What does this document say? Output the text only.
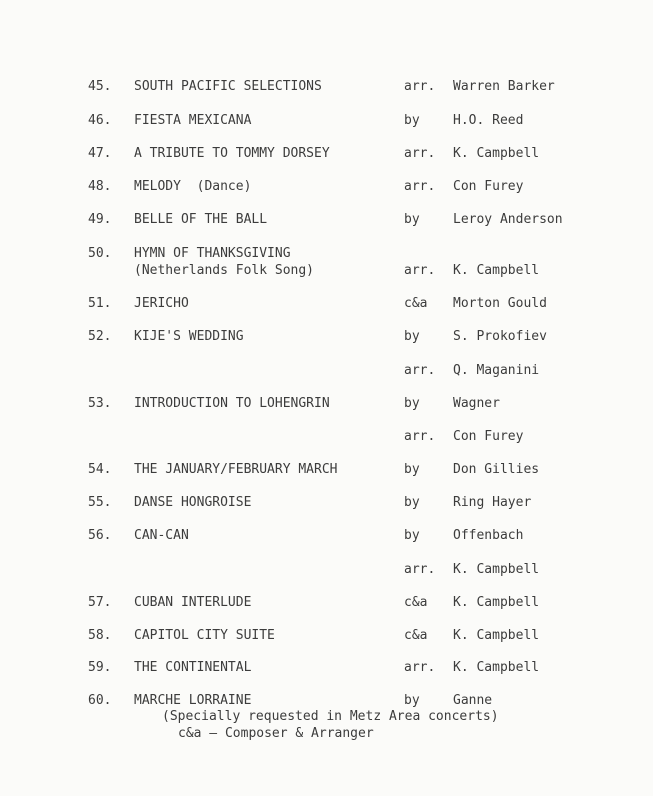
45.	SOUTH PACIFIC SELECTIONS	arr. Warren Barker
46.	FIESTA MEXICANA	by	H.O. Reed
47.	A TRIBUTE TO TOMMY DORSEY	arr. K. Campbell
48.	MELODY  (Dance)	arr. Con Furey
49.	BELLE OF THE BALL	by	Leroy Anderson
50.	HYMN OF THANKSGIVING
(Netherlands Folk Song)	arr. K. Campbell
51.	JERICHO	c&a Morton Gould
52.	KIJE'S WEDDING	by	S. Prokofiev
arr. Q. Maganini
53.	INTRODUCTION TO LOHENGRIN	by	Wagner
arr. Con Furey
54.	THE JANUARY/FEBRUARY MARCH	by	Don Gillies
55.	DANSE HONGROISE	by	Ring Hayer
56.	CAN-CAN	by	Offenbach
arr. K. Campbell
57.	CUBAN INTERLUDE	c&a K. Campbell
58.	CAPITOL CITY SUITE	c&a K. Campbell
59.	THE CONTINENTAL	arr. K. Campbell
60.	MARCHE LORRAINE	by	Ganne
(Specially requested in Metz Area concerts)
c&a — Composer & Arranger
